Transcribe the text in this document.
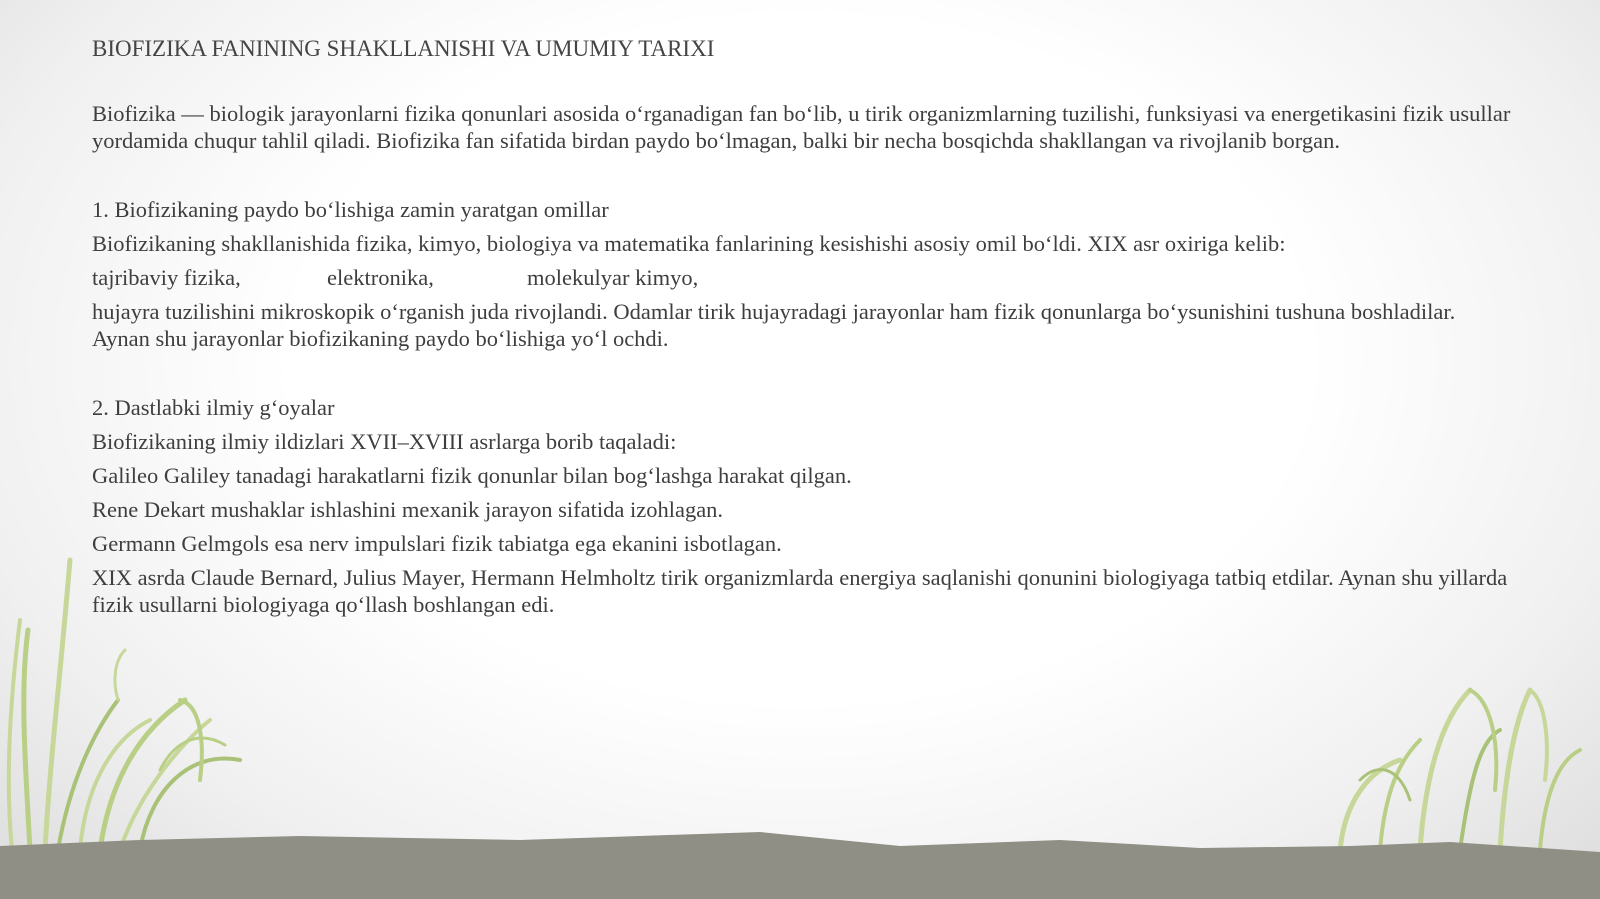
BIOFIZIKA FANINING SHAKLLANISHI VA UMUMIY TARIXI

Biofizika — biologik jarayonlarni fizika qonunlari asosida oʻrganadigan fan boʻlib, u tirik organizmlarning tuzilishi, funksiyasi va energetikasini fizik usullar yordamida chuqur tahlil qiladi. Biofizika fan sifatida birdan paydo boʻlmagan, balki bir necha bosqichda shakllangan va rivojlanib borgan.

1. Biofizikaning paydo boʻlishiga zamin yaratgan omillar

Biofizikaning shakllanishida fizika, kimyo, biologiya va matematika fanlarining kesishishi asosiy omil boʻldi. XIX asr oxiriga kelib:

tajribaviy fizika,	elektronika,	molekulyar kimyo,

hujayra tuzilishini mikroskopik oʻrganish juda rivojlandi. Odamlar tirik hujayradagi jarayonlar ham fizik qonunlarga boʻysunishini tushuna boshladilar. Aynan shu jarayonlar biofizikaning paydo boʻlishiga yoʻl ochdi.

2. Dastlabki ilmiy gʻoyalar

Biofizikaning ilmiy ildizlari XVII–XVIII asrlarga borib taqaladi:

Galileo Galiley tanadagi harakatlarni fizik qonunlar bilan bogʻlashga harakat qilgan.

Rene Dekart mushaklar ishlashini mexanik jarayon sifatida izohlagan.

Germann Gelmgols esa nerv impulslari fizik tabiatga ega ekanini isbotlagan.

XIX asrda Claude Bernard, Julius Mayer, Hermann Helmholtz tirik organizmlarda energiya saqlanishi qonunini biologiyaga tatbiq etdilar. Aynan shu yillarda fizik usullarni biologiyaga qoʻllash boshlangan edi.
